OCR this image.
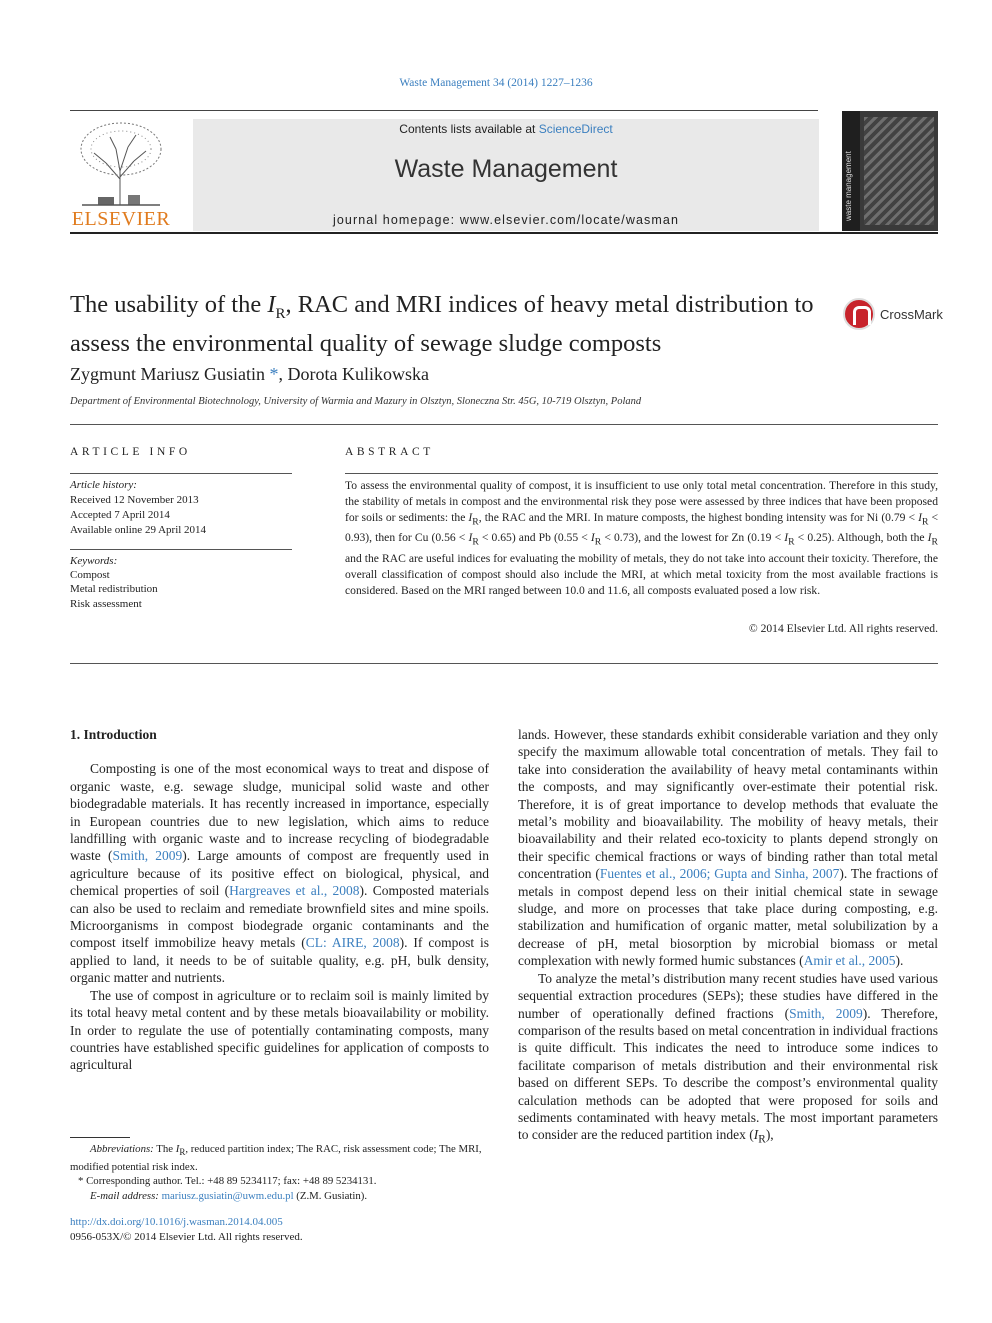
Waste Management 34 (2014) 1227–1236
ELSEVIER
Contents lists available at ScienceDirect
Waste Management
journal homepage: www.elsevier.com/locate/wasman	waste management
The usability of the $I_R$, RAC and MRI indices of heavy metal distribution to assess the environmental quality of sewage sludge composts
CrossMark
Zygmunt Mariusz Gusiatin *, Dorota Kulikowska
Department of Environmental Biotechnology, University of Warmia and Mazury in Olsztyn, Sloneczna Str. 45G, 10-719 Olsztyn, Poland
ARTICLE INFO
Article history:
Received 12 November 2013
Accepted 7 April 2014
Available online 29 April 2014
Keywords:
Compost
Metal redistribution
Risk assessment
ABSTRACT
To assess the environmental quality of compost, it is insufficient to use only total metal concentration. Therefore in this study, the stability of metals in compost and the environmental risk they pose were assessed by three indices that have been proposed for soils or sediments: the $I_R$, the RAC and the MRI. In mature composts, the highest bonding intensity was for Ni $(0.79 < I_R < 0.93)$, then for Cu $(0.56 < I_R < 0.65)$ and Pb $(0.55 < I_R < 0.73)$, and the lowest for Zn $(0.19 < I_R < 0.25)$. Although, both the $I_R$ and the RAC are useful indices for evaluating the mobility of metals, they do not take into account their toxicity. Therefore, the overall classification of compost should also include the MRI, at which metal toxicity from the most available fractions is considered. Based on the MRI ranged between 10.0 and 11.6, all composts evaluated posed a low risk.
© 2014 Elsevier Ltd. All rights reserved.
1. Introduction

Composting is one of the most economical ways to treat and dispose of organic waste, e.g. sewage sludge, municipal solid waste and other biodegradable materials. It has recently increased in importance, especially in European countries due to new legislation, which aims to reduce landfilling with organic waste and to increase recycling of biodegradable waste (Smith, 2009). Large amounts of compost are frequently used in agriculture because of its positive effect on biological, physical, and chemical properties of soil (Hargreaves et al., 2008). Composted materials can also be used to reclaim and remediate brownfield sites and mine spoils. Microorganisms in compost biodegrade organic contaminants and the compost itself immobilize heavy metals (CL: AIRE, 2008). If compost is applied to land, it needs to be of suitable quality, e.g. pH, bulk density, organic matter and nutrients.

The use of compost in agriculture or to reclaim soil is mainly limited by its total heavy metal content and by these metals bioavailability or mobility. In order to regulate the use of potentially contaminating composts, many countries have established specific guidelines for application of composts to agricultural

lands. However, these standards exhibit considerable variation and they only specify the maximum allowable total concentration of metals. They fail to take into consideration the availability of heavy metal contaminants within the composts, and may significantly over-estimate their potential risk. Therefore, it is of great importance to develop methods that evaluate the metal’s mobility and bioavailability. The mobility of heavy metals, their bioavailability and their related eco-toxicity to plants depend strongly on their specific chemical fractions or ways of binding rather than total metal concentration (Fuentes et al., 2006; Gupta and Sinha, 2007). The fractions of metals in compost depend less on their initial chemical state in sewage sludge, and more on processes that take place during composting, e.g. stabilization and humification of organic matter, metal solubilization by a decrease of pH, metal biosorption by microbial biomass or metal complexation with newly formed humic substances (Amir et al., 2005).

To analyze the metal’s distribution many recent studies have used various sequential extraction procedures (SEPs); these studies have differed in the number of operationally defined fractions (Smith, 2009). Therefore, comparison of the results based on metal concentration in individual fractions is quite difficult. This indicates the need to introduce some indices to facilitate comparison of metals distribution and their environmental risk based on different SEPs. To describe the compost’s environmental quality calculation methods can be adopted that were proposed for soils and sediments contaminated with heavy metals. The most important parameters to consider are the reduced partition index $(I_R)$,

Abbreviations: The $I_R$, reduced partition index; The RAC, risk assessment code; The MRI, modified potential risk index.

* Corresponding author. Tel.: +48 89 5234117; fax: +48 89 5234131.

E-mail address: mariusz.gusiatin@uwm.edu.pl (Z.M. Gusiatin).

http://dx.doi.org/10.1016/j.wasman.2014.04.005
0956-053X/© 2014 Elsevier Ltd. All rights reserved.
